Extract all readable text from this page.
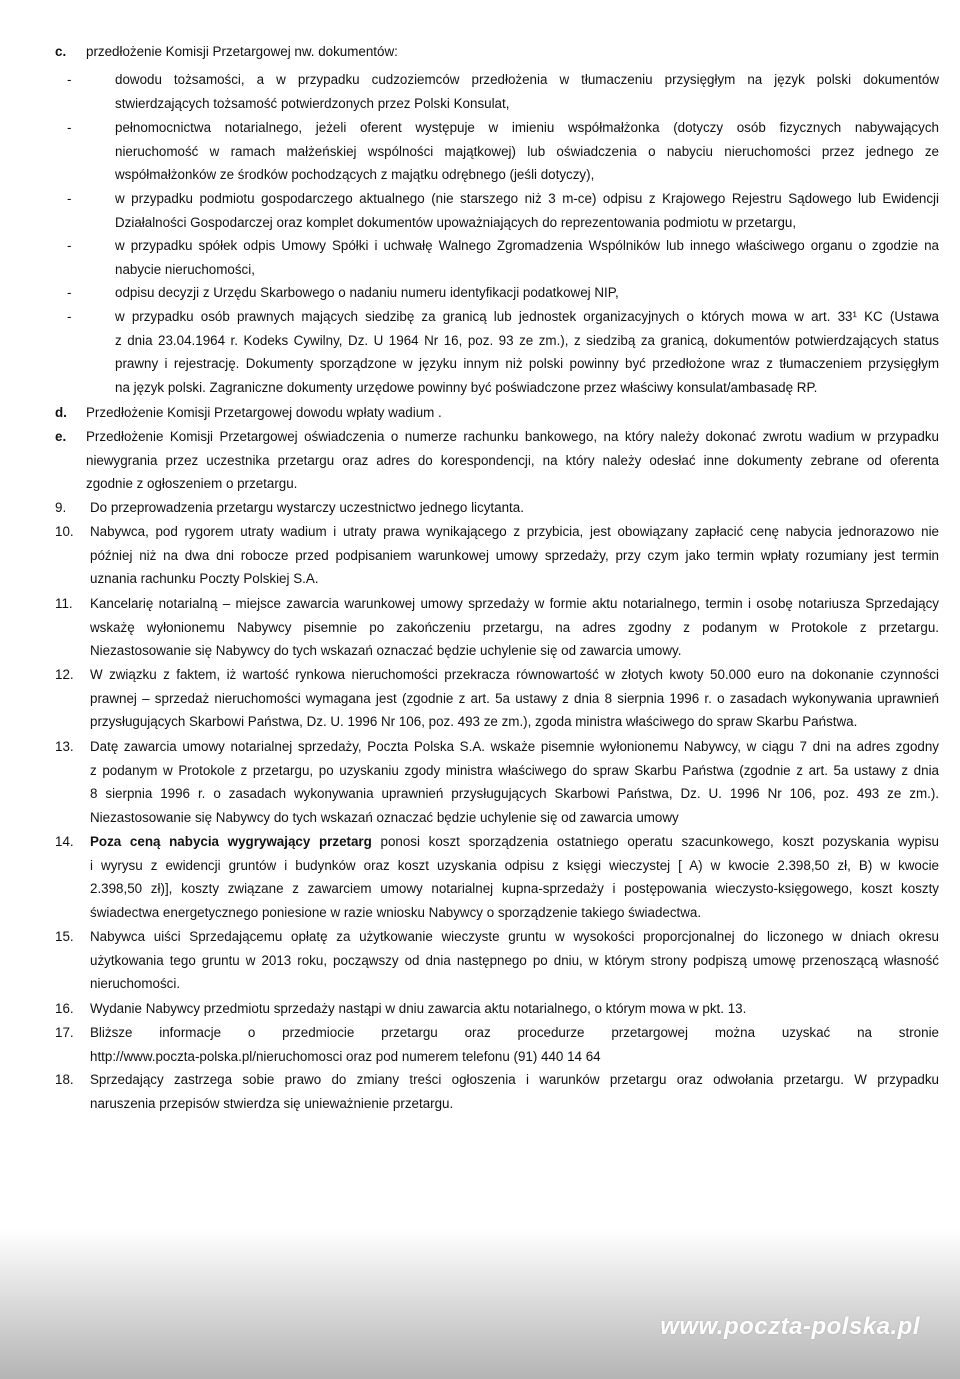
c. przedłożenie Komisji Przetargowej nw. dokumentów:
-	dowodu tożsamości, a w przypadku cudzoziemców przedłożenia w tłumaczeniu przysięgłym na język polski dokumentów
stwierdzających tożsamość potwierdzonych przez Polski Konsulat,
-	pełnomocnictwa notarialnego, jeżeli oferent występuje w imieniu współmałżonka (dotyczy osób fizycznych nabywających
nieruchomość w ramach małżeńskiej wspólności majątkowej) lub oświadczenia o nabyciu nieruchomości przez jednego ze
współmałżonków ze środków pochodzących z majątku odrębnego (jeśli dotyczy),
-	w przypadku podmiotu gospodarczego aktualnego (nie starszego niż 3 m-ce) odpisu z Krajowego Rejestru Sądowego lub Ewidencji
Działalności Gospodarczej oraz komplet dokumentów upoważniających do reprezentowania podmiotu w przetargu,
-	w przypadku spółek odpis Umowy Spółki i uchwałę Walnego Zgromadzenia Wspólników lub innego właściwego organu o zgodzie na
nabycie nieruchomości,
-	odpisu decyzji z Urzędu Skarbowego o nadaniu numeru identyfikacji podatkowej NIP,
-	w przypadku osób prawnych mających siedzibę za granicą lub jednostek organizacyjnych o których mowa w art. 33¹ KC (Ustawa
z dnia 23.04.1964 r. Kodeks Cywilny, Dz. U 1964 Nr 16, poz. 93 ze zm.), z siedzibą za granicą, dokumentów potwierdzających status
prawny i rejestrację. Dokumenty sporządzone w języku innym niż polski powinny być przedłożone wraz z tłumaczeniem przysięgłym
na język polski. Zagraniczne dokumenty urzędowe powinny być poświadczone przez właściwy konsulat/ambasadę RP.
d. Przedłożenie Komisji Przetargowej dowodu wpłaty wadium .
e. Przedłożenie Komisji Przetargowej oświadczenia o numerze rachunku bankowego, na który należy dokonać zwrotu wadium w przypadku
niewygrania przez uczestnika przetargu oraz adres do korespondencji, na który należy odesłać inne dokumenty zebrane od oferenta
zgodnie z ogłoszeniem o przetargu.
9. Do przeprowadzenia przetargu wystarczy uczestnictwo jednego licytanta.
10. Nabywca, pod rygorem utraty wadium i utraty prawa wynikającego z przybicia, jest obowiązany zapłacić cenę nabycia jednorazowo nie
później niż na dwa dni robocze przed podpisaniem warunkowej umowy sprzedaży, przy czym jako termin wpłaty rozumiany jest termin
uznania rachunku Poczty Polskiej S.A.
11. Kancelarię notarialną – miejsce zawarcia warunkowej umowy sprzedaży w formie aktu notarialnego, termin i osobę notariusza Sprzedający
wskażę wyłonionemu Nabywcy pisemnie po zakończeniu przetargu, na adres zgodny z podanym w Protokole z przetargu.
Niezastosowanie się Nabywcy do tych wskazań oznaczać będzie uchylenie się od zawarcia umowy.
12. W związku z faktem, iż wartość rynkowa nieruchomości przekracza równowartość w złotych kwoty 50.000 euro na dokonanie czynności
prawnej – sprzedaż nieruchomości wymagana jest (zgodnie z art. 5a ustawy z dnia 8 sierpnia 1996 r. o zasadach wykonywania uprawnień
przysługujących Skarbowi Państwa, Dz. U. 1996 Nr 106, poz. 493 ze zm.), zgoda ministra właściwego do spraw Skarbu Państwa.
13. Datę zawarcia umowy notarialnej sprzedaży, Poczta Polska S.A. wskaże pisemnie wyłonionemu Nabywcy, w ciągu 7 dni na adres zgodny
z podanym w Protokole z przetargu, po uzyskaniu zgody ministra właściwego do spraw Skarbu Państwa (zgodnie z art. 5a ustawy z dnia
8 sierpnia 1996 r. o zasadach wykonywania uprawnień przysługujących Skarbowi Państwa, Dz. U. 1996 Nr 106, poz. 493 ze zm.).
Niezastosowanie się Nabywcy do tych wskazań oznaczać będzie uchylenie się od zawarcia umowy
14. Poza ceną nabycia wygrywający przetarg ponosi koszt sporządzenia ostatniego operatu szacunkowego, koszt pozyskania wypisu
i wyrysu z ewidencji gruntów i budynków oraz koszt uzyskania odpisu z księgi wieczystej [ A) w kwocie 2.398,50 zł, B) w kwocie
2.398,50 zł)], koszty związane z zawarciem umowy notarialnej kupna-sprzedaży i postępowania wieczysto-księgowego, koszt koszty
świadectwa energetycznego poniesione w razie wniosku Nabywcy o sporządzenie takiego świadectwa.
15. Nabywca uiści Sprzedającemu opłatę za użytkowanie wieczyste gruntu w wysokości proporcjonalnej do liczonego w dniach okresu
użytkowania tego gruntu w 2013 roku, począwszy od dnia następnego po dniu, w którym strony podpiszą umowę przenoszącą własność
nieruchomości.
16. Wydanie Nabywcy przedmiotu sprzedaży nastąpi w dniu zawarcia aktu notarialnego, o którym mowa w pkt. 13.
17. Bliższe informacje o przedmiocie przetargu oraz procedurze przetargowej można uzyskać na stronie
http://www.poczta-polska.pl/nieruchomosci oraz pod numerem telefonu (91) 440 14 64
18. Sprzedający zastrzega sobie prawo do zmiany treści ogłoszenia i warunków przetargu oraz odwołania przetargu. W przypadku
naruszenia przepisów stwierdza się unieważnienie przetargu.
www.poczta-polska.pl
